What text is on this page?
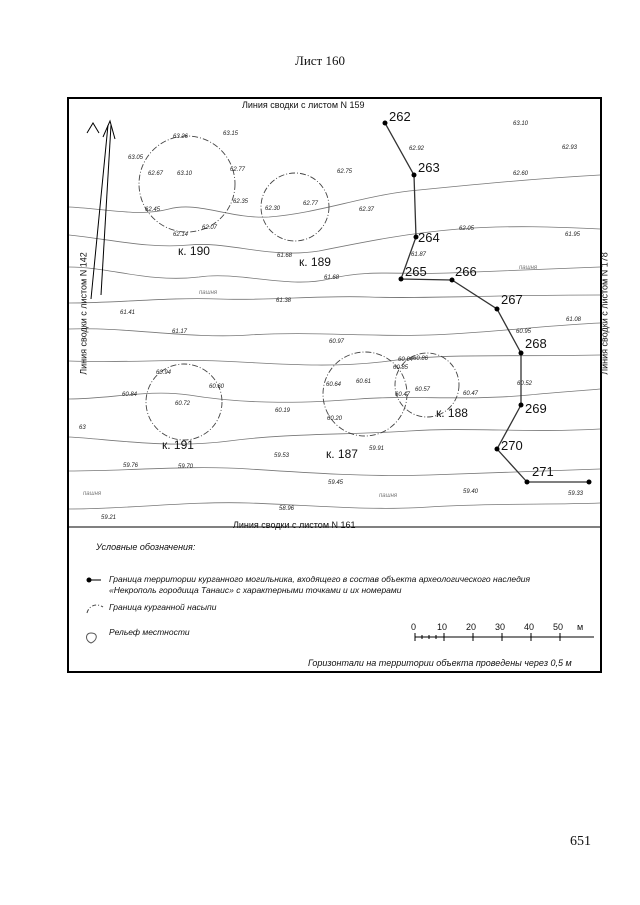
Лист 160
Линия сводки с листом N 159
Линия сводки с листом N 161
Линия сводки с листом N 142	Линия сводки с листом N 178
262
263
264
265 266
267
268
269
270
271
к. 190
к. 189
к. 188
к. 191
к. 187
63.26	63.15
63.05
62.67 63.10
62.77	62.75
62.35
62.30
62.77
62.45	62.37
62.14
62.07
61.68	61.87
61.68
62.92
63.10
62.93
62.60
62.05
61.95
61.38
61.41
61.17
60.97
60.95
61.08
60.94
60.60
60.84
60.61
60.86
60.85
60.57
60.64
60.47
60.52
60.47
60.72
60.19
60.20
59.91
59.53
59.76	59.70
59.45
59.40	59.33
59.21
58.96
63
60.84
пашня
пашня
пашня
пашня
Условные обозначения:
Граница территории курганного могильника, входящего в состав объекта археологического наследия «Некрополь городища Танаис» с характерными точками и их номерами
Граница курганной насыпи
Рельеф местности	0 10 20 30 40 50 м
Горизонтали на территории объекта проведены через 0,5 м
651
